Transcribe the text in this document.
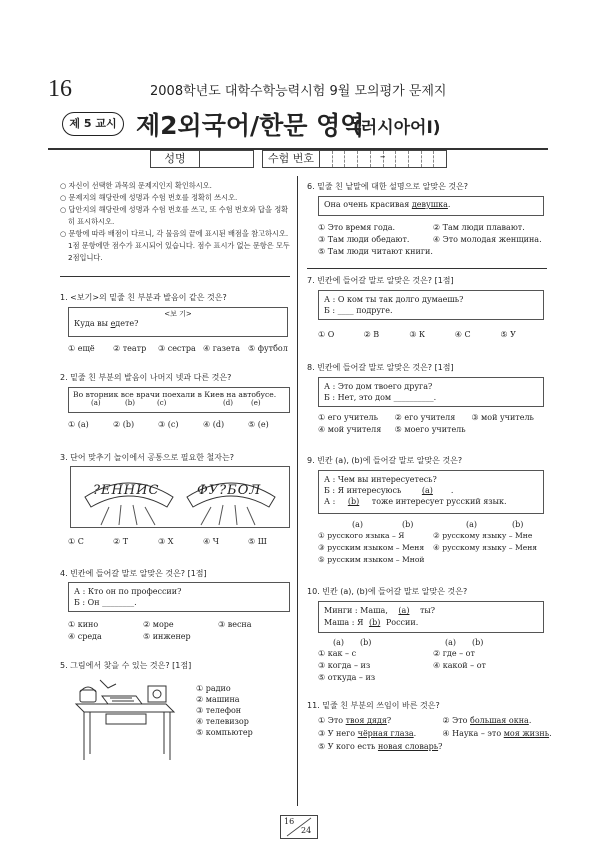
16	2008학년도 대학수학능력시험 9월 모의평가 문제지
제 5 교시 제2외국어/한문 영역
(러시아어Ⅰ)
성명	수험 번호	–
○ 자신이 선택한 과목의 문제지인지 확인하시오.
○ 문제지의 해당란에 성명과 수험 번호를 정확히 쓰시오.
○ 답안지의 해당란에 성명과 수험 번호를 쓰고, 또 수험 번호와 답을 정확히 표시하시오.
○ 문항에 따라 배점이 다르니, 각 물음의 끝에 표시된 배점을 참고하시오. 1점 문항에만 점수가 표시되어 있습니다. 점수 표시가 없는 문항은 모두 2점입니다.
1. <보기>의 밑줄 친 부분과 발음이 같은 것은?
<보 기>
Куда вы едете?
① ещё	② театр	③ сестра ④ газета	⑤ футбол
2. 밑줄 친 부분의 발음이 나머지 넷과 다른 것은?
Во вторник все врачи поехали в Киев на автобусе.
(a)	(b)	(c)	(d)	(e)
① (a)	② (b)	③ (c)	④ (d)	⑤ (e)
3. 단어 맞추기 놀이에서 공통으로 필요한 철자는?
?ЕННИС	ФУ?БОЛ
① С	② Т	③ Х	④ Ч	⑤ Ш
4. 빈칸에 들어갈 말로 알맞은 것은? [1점]
А : Кто он по профессии?
Б : Он ________.
① кино	② море	③ весна
④ среда	⑤ инженер
5. 그림에서 찾을 수 있는 것은? [1점]
① радио
② машина
③ телефон
④ телевизор
⑤ компьютер
6. 밑줄 친 낱말에 대한 설명으로 알맞은 것은?
Она очень красивая девушка.
① Это время года.	② Там люди плавают.
③ Там люди обедают.	④ Это молодая женщина.
⑤ Там люди читают книги.
7. 빈칸에 들어갈 말로 알맞은 것은? [1점]
А : О ком ты так долго думаешь?
Б : ____ подруге.
① О	② В	③ К	④ С	⑤ У
8. 빈칸에 들어갈 말로 알맞은 것은? [1점]
А : Это дом твоего друга?
Б : Нет, это дом __________.
① его учитель	② его учителя	③ мой учитель
④ мой учителя	⑤ моего учитель
9. 빈칸 (a), (b)에 들어갈 말로 알맞은 것은?
А : Чем вы интересуетесь?
Б : Я интересуюсь (a) .
А : (b) тоже интересует русский язык.
(a)	(b)	(a)	(b)
① русского языка – Я	② русскому языку – Мне
③ русским языком – Меня	④ русскому языку – Меня
⑤ русским языком – Мной
10. 빈칸 (a), (b)에 들어갈 말로 알맞은 것은?
Минги : Маша, (a) ты?
Маша : Я (b) России.
(a) (b)	(a) (b)
① как – с	② где – от
③ когда – из	④ какой – от
⑤ откуда – из
11. 밑줄 친 부분의 쓰임이 바른 것은?
① Это твоя дядя?	② Это большая окна.
③ У него чёрная глаза.	④ Наука – это моя жизнь.
⑤ У кого есть новая словарь?
16
24
